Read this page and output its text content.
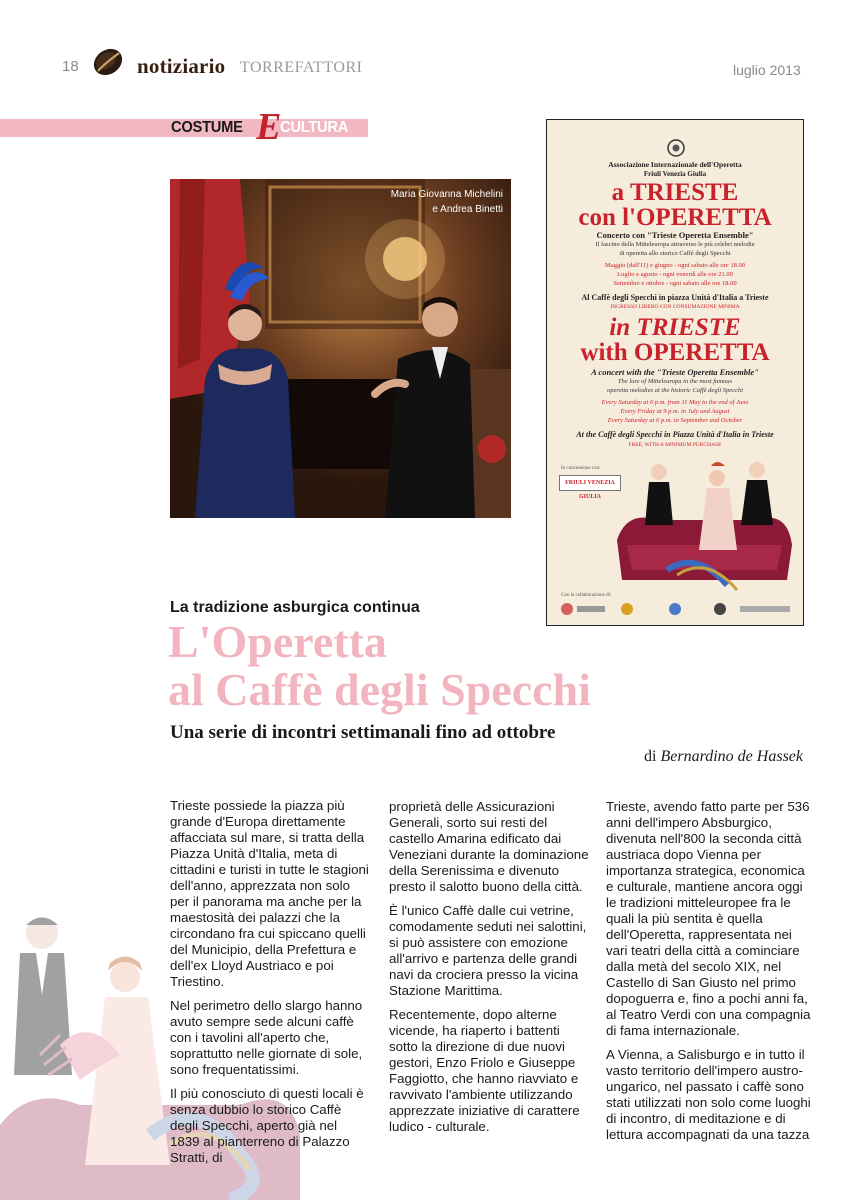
18	notiziario TORREFATTORI	luglio 2013
COSTUME E
CULTURA
Maria Giovanna Michelini
e Andrea Binetti
Associazione Internazionale dell'Operetta
Friuli Venezia Giulia
a TRIESTE
con l'OPERETTA
Concerto con "Trieste Operetta Ensemble"
Il fascino della Mitteleuropa attraverso le più celebri melodie
di operetta allo storico Caffè degli Specchi
Maggio (dall'11) e giugno - ogni sabato alle ore 18.00
Luglio e agosto - ogni venerdì alle ore 21.00
Settembre e ottobre - ogni sabato alle ore 18.00
Al Caffè degli Specchi in piazza Unità d'Italia a Trieste
INGRESSO LIBERO CON CONSUMAZIONE MINIMA
in TRIESTE
with OPERETTA
A concert with the "Trieste Operetta Ensemble"
The lure of Mitteleuropa in the most famous
operetta melodies at the historic Caffè degli Specchi
Every Saturday at 6 p.m. from 11 May to the end of June
Every Friday at 9 p.m. in July and August
Every Saturday at 6 p.m. in September and October
At the Caffè degli Specchi in Piazza Unità d'Italia in Trieste
FREE, WITH A MINIMUM PURCHASE
In concessione con:
FRIULI VENEZIA GIULIA
Con la collaborazione di:
La tradizione asburgica continua
L'Operetta
al Caffè degli Specchi
Una serie di incontri settimanali fino ad ottobre
di Bernardino de Hassek

Trieste possiede la piazza più grande d'Europa direttamente affacciata sul mare, si tratta della Piazza Unità d'Italia, meta di cittadini e turisti in tutte le stagioni dell'anno, apprezzata non solo per il panorama ma anche per la maestosità dei palazzi che la circondano fra cui spiccano quelli del Municipio, della Prefettura e dell'ex Lloyd Austriaco e poi Triestino.

Nel perimetro dello slargo hanno avuto sempre sede alcuni caffè con i tavolini all'aperto che, soprattutto nelle giornate di sole, sono frequentatissimi.

Il più conosciuto di questi locali è senza dubbio lo storico Caffè degli Specchi, aperto già nel 1839 al pianterreno di Palazzo Stratti, di

proprietà delle Assicurazioni Generali, sorto sui resti del castello Amarina edificato dai Veneziani durante la dominazione della Serenissima e divenuto presto il salotto buono della città.

È l'unico Caffè dalle cui vetrine, comodamente seduti nei salottini, si può assistere con emozione all'arrivo e partenza delle grandi navi da crociera presso la vicina Stazione Marittima.

Recentemente, dopo alterne vicende, ha riaperto i battenti sotto la direzione di due nuovi gestori, Enzo Friolo e Giuseppe Faggiotto, che hanno riavviato e ravvivato l'ambiente utilizzando apprezzate iniziative di carattere ludico - culturale.

Trieste, avendo fatto parte per 536 anni dell'impero Absburgico, divenuta nell'800 la seconda città austriaca dopo Vienna per importanza strategica, economica e culturale, mantiene ancora oggi le tradizioni mitteleuropee fra le quali la più sentita è quella dell'Operetta, rappresentata nei vari teatri della città a cominciare dalla metà del secolo XIX, nel Castello di San Giusto nel primo dopoguerra e, fino a pochi anni fa, al Teatro Verdi con una compagnia di fama internazionale.

A Vienna, a Salisburgo e in tutto il vasto territorio dell'impero austro-ungarico, nel passato i caffè sono stati utilizzati non solo come luoghi di incontro, di meditazione e di lettura accompagnati da una tazza
